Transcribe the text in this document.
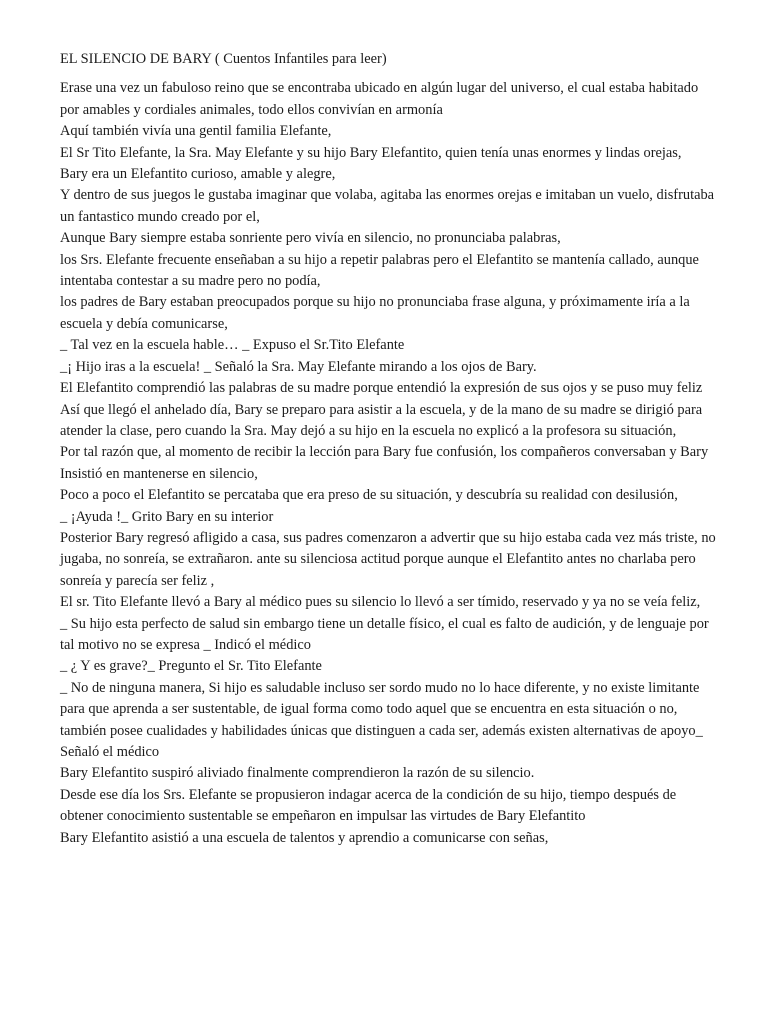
EL SILENCIO DE BARY ( Cuentos Infantiles para leer)

Erase una vez un fabuloso reino que se encontraba ubicado en algún lugar del universo, el cual estaba habitado por amables y cordiales animales, todo ellos convivían en armonía

Aquí también vivía una gentil familia Elefante,

El Sr Tito Elefante, la Sra. May Elefante y su hijo Bary Elefantito, quien tenía unas enormes y lindas orejas,

Bary era un Elefantito curioso, amable y alegre,

Y dentro de sus juegos le gustaba imaginar que volaba, agitaba las enormes orejas e imitaban un vuelo, disfrutaba un fantastico mundo creado por el,

Aunque Bary siempre estaba sonriente pero vivía en silencio, no pronunciaba palabras,

los Srs. Elefante frecuente enseñaban a su hijo a repetir palabras pero el Elefantito se mantenía callado, aunque intentaba contestar a su madre pero no podía,

los padres de Bary estaban preocupados porque su hijo no pronunciaba frase alguna, y próximamente iría a la escuela y debía comunicarse,

_ Tal vez en la escuela hable… _ Expuso el Sr.Tito Elefante

_¡ Hijo iras a la escuela! _ Señaló la Sra. May Elefante mirando a los ojos de Bary.

El Elefantito comprendió las palabras de su madre porque entendió la expresión de sus ojos y se puso muy feliz

Así que llegó el anhelado día, Bary se preparo para asistir a la escuela, y de la mano de su madre se dirigió para atender la clase, pero cuando la Sra. May dejó a su hijo en la escuela no explicó a la profesora su situación,

Por tal razón que, al momento de recibir la lección para Bary fue confusión, los compañeros conversaban y Bary Insistió en mantenerse en silencio,

Poco a poco el Elefantito se percataba que era preso de su situación, y descubría su realidad con desilusión,

_ ¡Ayuda !_ Grito Bary en su interior

Posterior Bary regresó afligido a casa, sus padres comenzaron a advertir que su hijo estaba cada vez más triste, no jugaba, no sonreía, se extrañaron. ante su silenciosa actitud porque aunque el Elefantito antes no charlaba pero sonreía y parecía ser feliz ,

El sr. Tito Elefante llevó a Bary al médico pues su silencio lo llevó a ser tímido, reservado y ya no se veía feliz,

_ Su hijo esta perfecto de salud sin embargo tiene un detalle físico, el cual es falto de audición, y de lenguaje por tal motivo no se expresa _ Indicó el médico

_ ¿ Y es grave?_ Pregunto el Sr. Tito Elefante

_ No de ninguna manera, Si hijo es saludable incluso ser sordo mudo no lo hace diferente, y no existe limitante para que aprenda a ser sustentable, de igual forma como todo aquel que se encuentra en esta situación o no, también posee cualidades y habilidades únicas que distinguen a cada ser, además existen alternativas de apoyo_ Señaló el médico

Bary Elefantito suspiró aliviado finalmente comprendieron la razón de su silencio.

Desde ese día los Srs. Elefante se propusieron indagar acerca de la condición de su hijo, tiempo después de obtener conocimiento sustentable se empeñaron en impulsar las virtudes de Bary Elefantito

Bary Elefantito asistió a una escuela de talentos y aprendio a comunicarse con señas,
